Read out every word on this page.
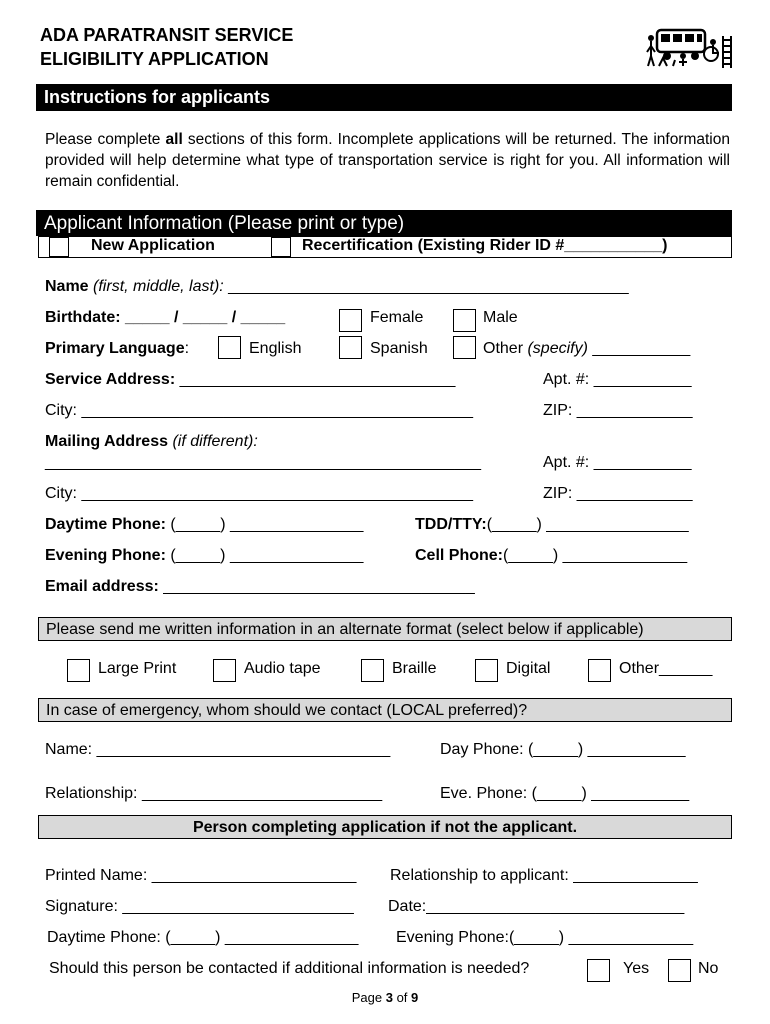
ADA PARATRANSIT SERVICE
ELIGIBILITY APPLICATION
Instructions for applicants
Please complete all sections of this form. Incomplete applications will be returned. The information provided will help determine what type of transportation service is right for you. All information will remain confidential.
Applicant Information (Please print or type)
New Application	Recertification (Existing Rider ID #___________)
Name (first, middle, last): _____________________________________________
Birthdate: _____ / _____ / _____	Female	Male
Primary Language:	English	Spanish	Other (specify) ___________
Service Address: _______________________________	Apt. #: ___________
City: ____________________________________________	ZIP: _____________
Mailing Address (if different):
_________________________________________________	Apt. #: ___________
City: ____________________________________________	ZIP: _____________
Daytime Phone: (_____) _______________	TDD/TTY:(_____) ________________
Evening Phone: (_____) _______________	Cell Phone:(_____) ______________
Email address: ___________________________________
Please send me written information in an alternate format (select below if applicable)
Large Print	Audio tape	Braille	Digital	Other______
In case of emergency, whom should we contact (LOCAL preferred)?
Name: _________________________________	Day Phone: (_____) ___________
Relationship: ___________________________	Eve. Phone: (_____) ___________
Person completing application if not the applicant.
Printed Name: _______________________ Relationship to applicant: ______________
Signature: __________________________ Date:_____________________________
Daytime Phone: (_____) _______________ Evening Phone:(_____) ______________
Should this person be contacted if additional information is needed?	Yes	No
Page 3 of 9
